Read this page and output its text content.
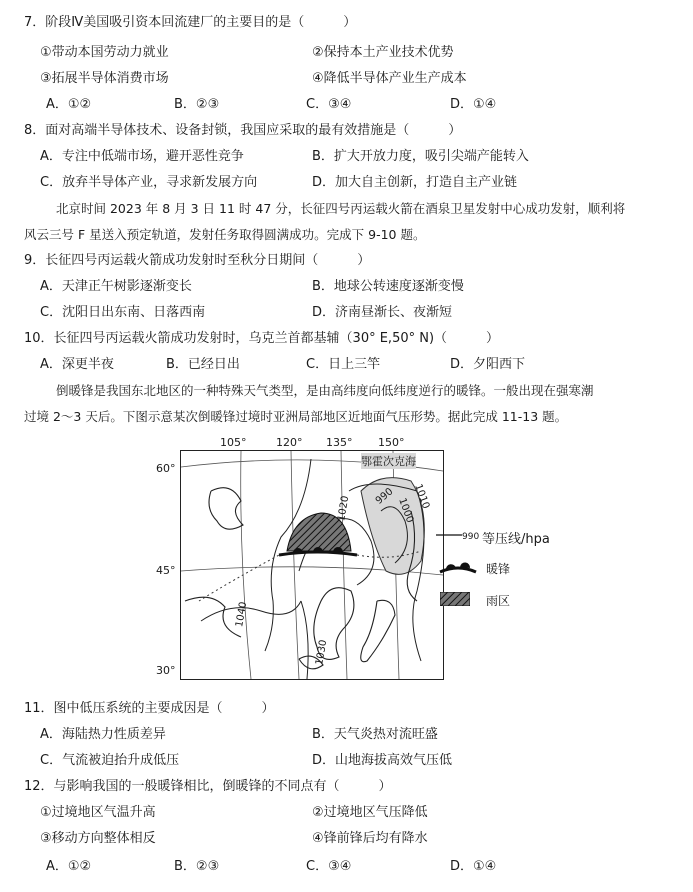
7．阶段Ⅳ美国吸引资本回流建厂的主要目的是（　　　）
①带动本国劳动力就业	②保持本土产业技术优势
③拓展半导体消费市场	④降低半导体产业生产成本
A．①②	B．②③	C．③④	D．①④
8．面对高端半导体技术、设备封锁，我国应采取的最有效措施是（　　　）
A．专注中低端市场，避开恶性竞争	B．扩大开放力度，吸引尖端产能转入
C．放弃半导体产业，寻求新发展方向	D．加大自主创新，打造自主产业链
北京时间 2023 年 8 月 3 日 11 时 47 分，长征四号丙运载火箭在酒泉卫星发射中心成功发射，顺利将
风云三号 F 星送入预定轨道，发射任务取得圆满成功。完成下 9-10 题。
9．长征四号丙运载火箭成功发射时至秋分日期间（　　　）
A．天津正午树影逐渐变长	B．地球公转速度逐渐变慢
C．沈阳日出东南、日落西南	D．济南昼渐长、夜渐短
10．长征四号丙运载火箭成功发射时，乌克兰首都基辅（30° E,50° N)（　　　）
A．深更半夜	B．已经日出	C．日上三竿	D．夕阳西下
倒暖锋是我国东北地区的一种特殊天气类型，是由高纬度向低纬度逆行的暖锋。一般出现在强寒潮
过境 2～3 天后。下图示意某次倒暖锋过境时亚洲局部地区近地面气压形势。据此完成 11-13 题。
105°	120° 135° 150°
60°
45°
30°
鄂霍次克海
1020	1010
1000
990
1040
1030
990 等压线/hpa
暖锋
雨区
11．图中低压系统的主要成因是（　　　）
A．海陆热力性质差异	B．天气炎热对流旺盛
C．气流被迫抬升成低压	D．山地海拔高效气压低
12．与影响我国的一般暖锋相比，倒暖锋的不同点有（　　　）
①过境地区气温升高	②过境地区气压降低
③移动方向整体相反	④锋前锋后均有降水
A．①②	B．②③	C．③④	D．①④
